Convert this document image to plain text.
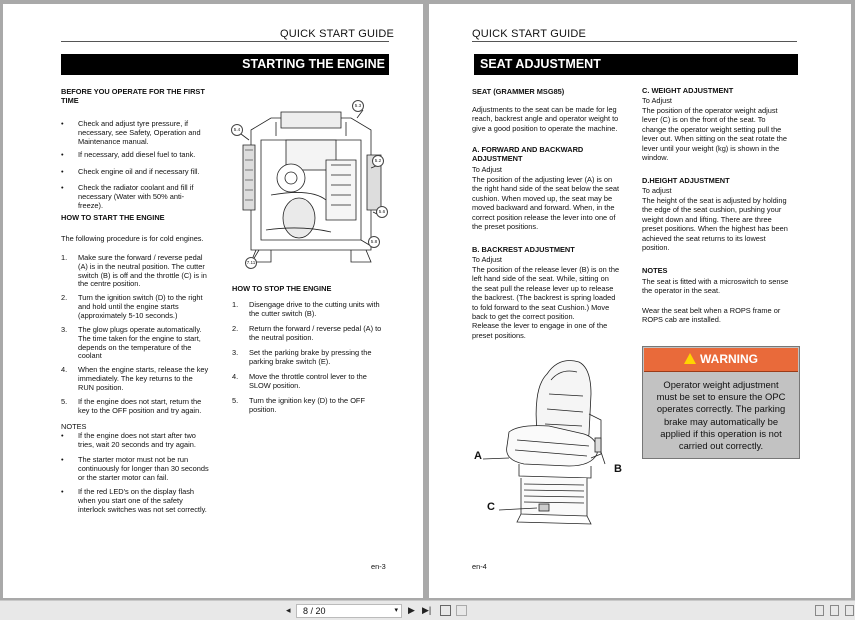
QUICK START GUIDE
STARTING THE ENGINE
BEFORE YOU OPERATE FOR THE FIRST TIME
• Check and adjust tyre pressure, if
necessary, see Safety, Operation and
Maintenance manual.
• If necessary, add diesel fuel to tank.
• Check engine oil and if necessary fill.
• Check the radiator coolant and fill if
necessary (Water with 50% anti-
freeze).
HOW TO START THE ENGINE
The following procedure is for cold engines.
1. Make sure the forward / reverse pedal
(A) is in the neutral position. The cutter
switch (B) is off and the throttle (C) is in
the centre position.
2. Turn the ignition switch (D) to the right
and hold until the engine starts
(approximately 5-10 seconds.)
3. The glow plugs operate automatically.
The time taken for the engine to start,
depends on the temperature of the
coolant
4. When the engine starts, release the key
immediately. The key returns to the
RUN position.
5. If the engine does not start, return the
key to the OFF position and try again.
NOTES
• If the engine does not start after two
tries, wait 20 seconds and try again.
• The starter motor must not be run
continuously for longer than 30 seconds
or the starter motor can fail.
• If the red LED's on the display flash
when you start one of the safety
interlock switches was not set correctly.
5.3
5.4
5.2
5.6
5.8
7.11
HOW TO STOP THE ENGINE
1. Disengage drive to the cutting units with
the cutter switch (B).
2. Return the forward / reverse pedal (A) to
the neutral position.
3. Set the parking brake by pressing the
parking brake switch (E).
4. Move the throttle control lever to the
SLOW position.
5. Turn the ignition key (D) to the OFF
position.
en-3
QUICK START GUIDE
SEAT ADJUSTMENT
SEAT (GRAMMER MSG85)
Adjustments to the seat can be made for leg
reach, backrest angle and operator weight to
give a good position to operate the machine.
A. FORWARD AND BACKWARD
ADJUSTMENT
To Adjust
The position of the adjusting lever (A) is on
the right hand side of the seat below the seat
cushion. When moved up, the seat may be
moved backward and forward. When, in the
correct position release the lever into one of
the preset positions.
B. BACKREST ADJUSTMENT
To Adjust
The position of the release lever (B) is on the
left hand side of the seat. While, sitting on
the seat pull the release lever up to release
the backrest. (The backrest is spring loaded
to fold forward to the seat Cushion.) Move
back to get the correct position.
Release the lever to engage in one of the
preset positions.
C. WEIGHT ADJUSTMENT
To Adjust
The position of the operator weight adjust
lever (C) is on the front of the seat. To
change the operator weight setting pull the
lever out. When sitting on the seat rotate the
lever until your weight (kg) is shown in the
window.
D.HEIGHT ADJUSTMENT
To adjust
The height of the seat is adjusted by holding
the edge of the seat cushion, pushing your
weight down and lifting. There are three
preset positions. When the highest has been
achieved the seat returns to its lowest
position.
NOTES
The seat is fitted with a microswitch to sense
the operator in the seat.
Wear the seat belt when a ROPS frame or
ROPS cab are installed.
WARNING
Operator weight adjustment
must be set to ensure the OPC
operates correctly. The parking
brake may automatically be
applied if this operation is not
carried out correctly.
A
B
C
en-4
8 / 20	▾
◂	▶ ▶|
